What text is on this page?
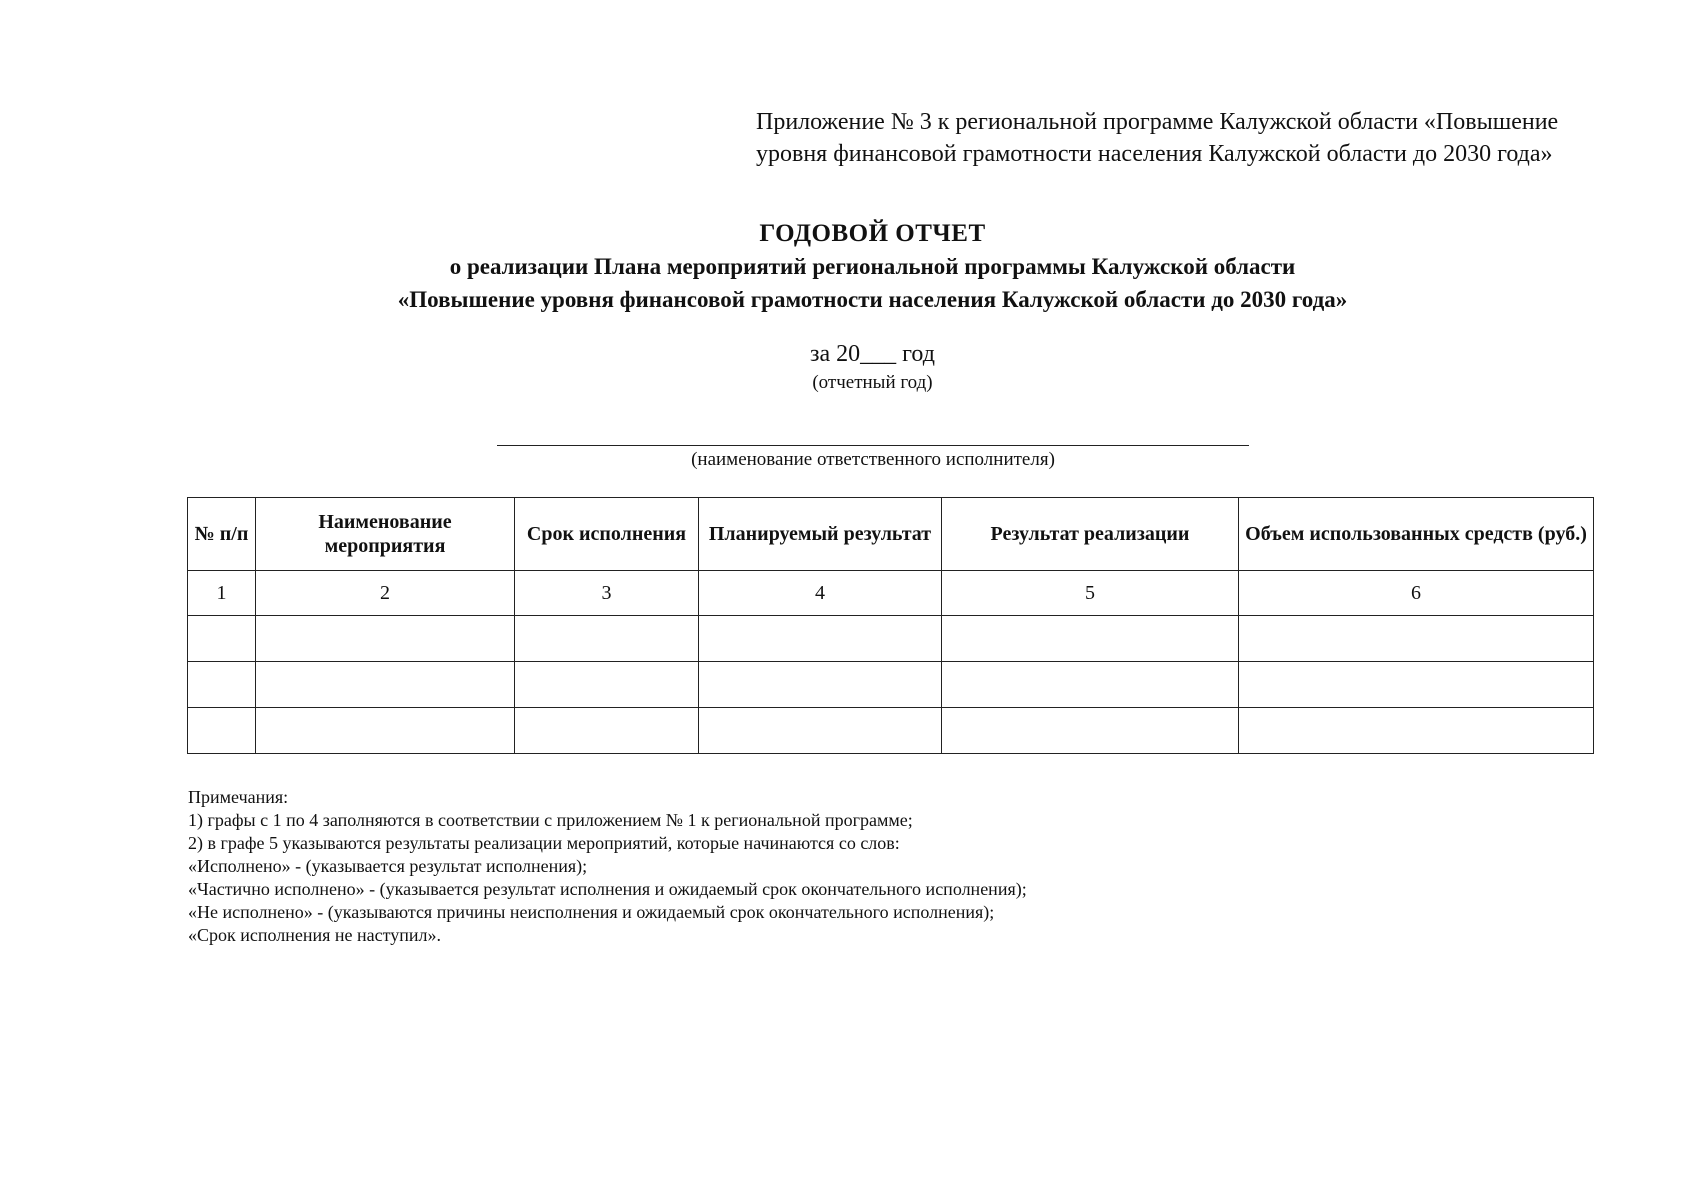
Приложение № 3 к региональной программе Калужской области «Повышение
уровня финансовой грамотности населения Калужской области до 2030 года»
ГОДОВОЙ ОТЧЕТ
о реализации Плана мероприятий региональной программы Калужской области
«Повышение уровня финансовой грамотности населения Калужской области до 2030 года»
за 20___ год
(отчетный год)
(наименование ответственного исполнителя)
№ п/п	Наименование мероприятия	Срок исполнения	Планируемый результат	Результат реализации	Объем использованных средств (руб.)
1	2	3	4	5	6

Примечания:
1) графы с 1 по 4 заполняются в соответствии с приложением № 1 к региональной программе;
2) в графе 5 указываются результаты реализации мероприятий, которые начинаются со слов:
«Исполнено» - (указывается результат исполнения);
«Частично исполнено» - (указывается результат исполнения и ожидаемый срок окончательного исполнения);
«Не исполнено» - (указываются причины неисполнения и ожидаемый срок окончательного исполнения);
«Срок исполнения не наступил».
